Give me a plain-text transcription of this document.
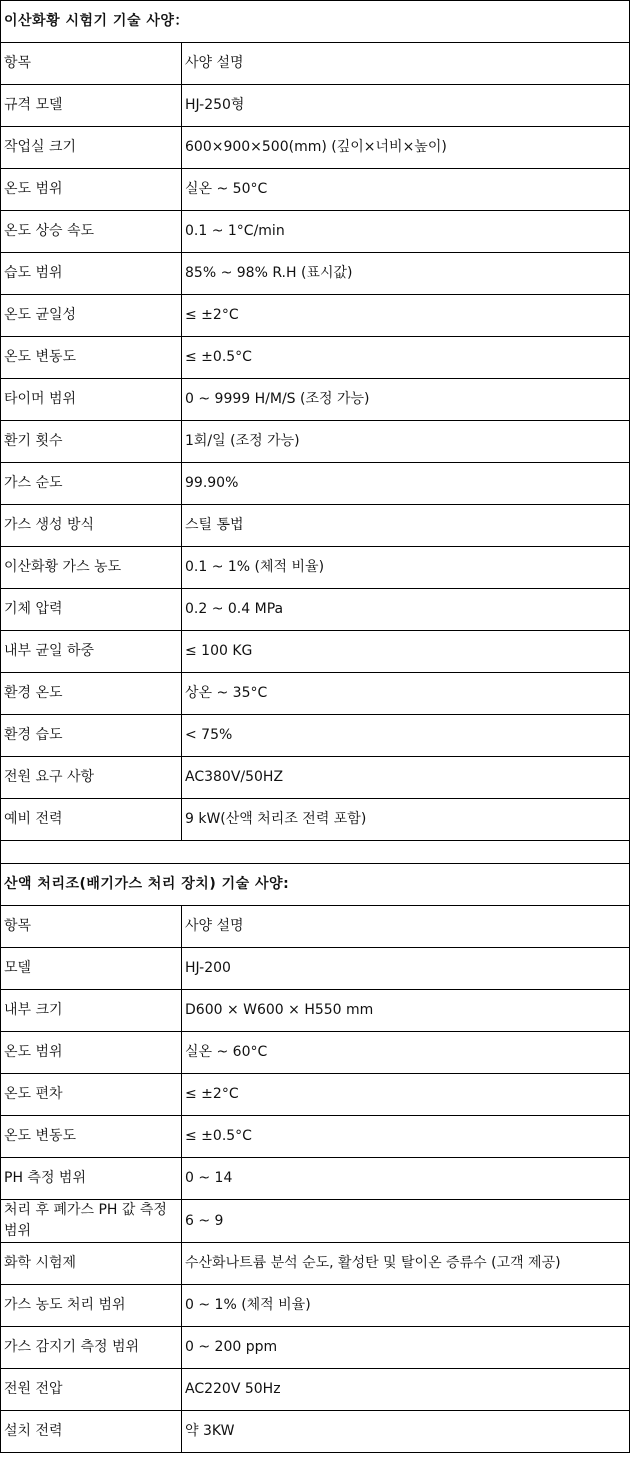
이산화황 시험기 기술 사양：	
항목	사양 설명
규격 모델	HJ-250형
작업실 크기	600×900×500(mm) (깊이×너비×높이)
온도 범위	실온 ~ 50°C
온도 상승 속도	0.1 ~ 1°C/min
습도 범위	85% ~ 98% R.H (표시값)
온도 균일성	≤ ±2°C
온도 변동도	≤ ±0.5°C
타이머 범위	0 ~ 9999 H/M/S (조정 가능)
환기 횟수	1회/일 (조정 가능)
가스 순도	99.90%
가스 생성 방식	스틸 통법
이산화황 가스 농도	0.1 ~ 1% (체적 비율)
기체 압력	0.2 ~ 0.4 MPa
내부 균일 하중	≤ 100 KG
환경 온도	상온 ~ 35°C
환경 습도	< 75%
전원 요구 사항	AC380V/50HZ
예비 전력	9 kW(산액 처리조 전력 포함)

산액 처리조(배기가스 처리 장치) 기술 사양:	
항목	사양 설명
모델	HJ-200
내부 크기	D600 × W600 × H550 mm
온도 범위	실온 ~ 60°C
온도 편차	≤ ±2°C
온도 변동도	≤ ±0.5°C
PH 측정 범위	0 ~ 14
처리 후 폐가스 PH 값 측정 범위	6 ~ 9
화학 시험제	수산화나트륨 분석 순도, 활성탄 및 탈이온 증류수 (고객 제공)
가스 농도 처리 범위	0 ~ 1% (체적 비율)
가스 감지기 측정 범위	0 ~ 200 ppm
전원 전압	AC220V 50Hz
설치 전력	약 3KW
